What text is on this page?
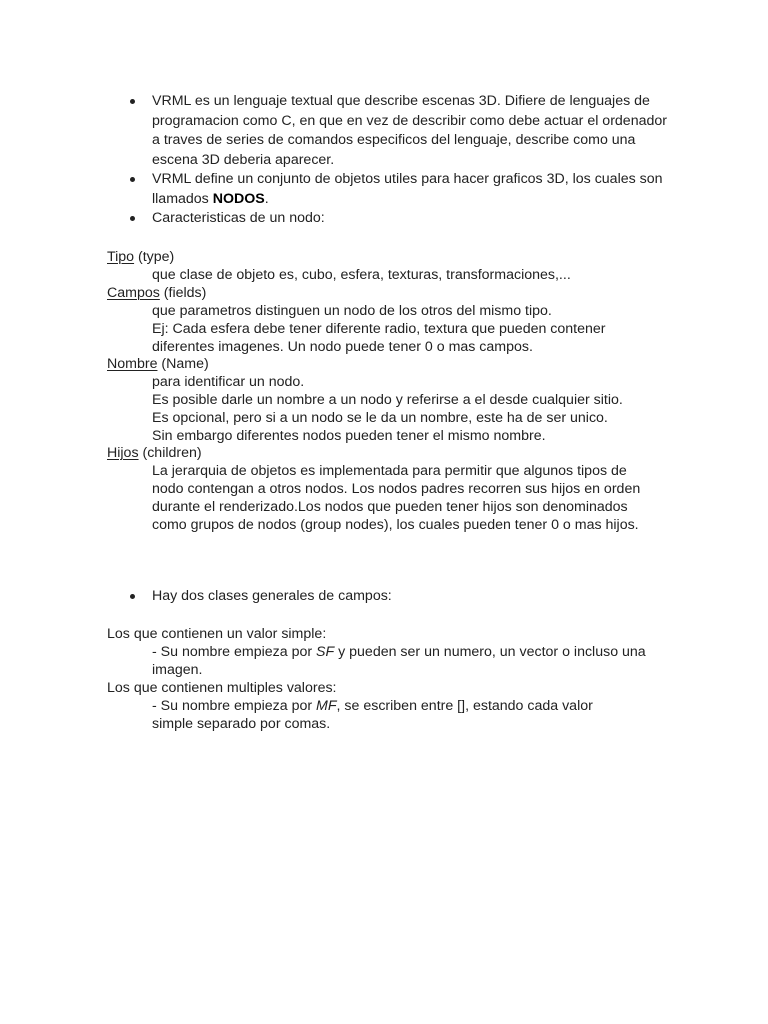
VRML es un lenguaje textual que describe escenas 3D. Difiere de lenguajes de programacion como C, en que en vez de describir como debe actuar el ordenador a traves de series de comandos especificos del lenguaje, describe como una escena 3D deberia aparecer.
VRML define un conjunto de objetos utiles para hacer graficos 3D, los cuales son llamados NODOS.
Caracteristicas de un nodo:
Tipo (type)

que clase de objeto es, cubo, esfera, texturas, transformaciones,...

Campos (fields)

que parametros distinguen un nodo de los otros del mismo tipo.

Ej: Cada esfera debe tener diferente radio, textura que pueden contener diferentes imagenes. Un nodo puede tener 0 o mas campos.

Nombre (Name)

para identificar un nodo.

Es posible darle un nombre a un nodo y referirse a el desde cualquier sitio.

Es opcional, pero si a un nodo se le da un nombre, este ha de ser unico.

Sin embargo diferentes nodos pueden tener el mismo nombre.

Hijos (children)

La jerarquia de objetos es implementada para permitir que algunos tipos de nodo contengan a otros nodos. Los nodos padres recorren sus hijos en orden durante el renderizado.Los nodos que pueden tener hijos son denominados como grupos de nodos (group nodes), los cuales pueden tener 0 o mas hijos.

Hay dos clases generales de campos:
Los que contienen un valor simple:

- Su nombre empieza por SF y pueden ser un numero, un vector o incluso una imagen.

Los que contienen multiples valores:

- Su nombre empieza por MF, se escriben entre [], estando cada valor simple separado por comas.
